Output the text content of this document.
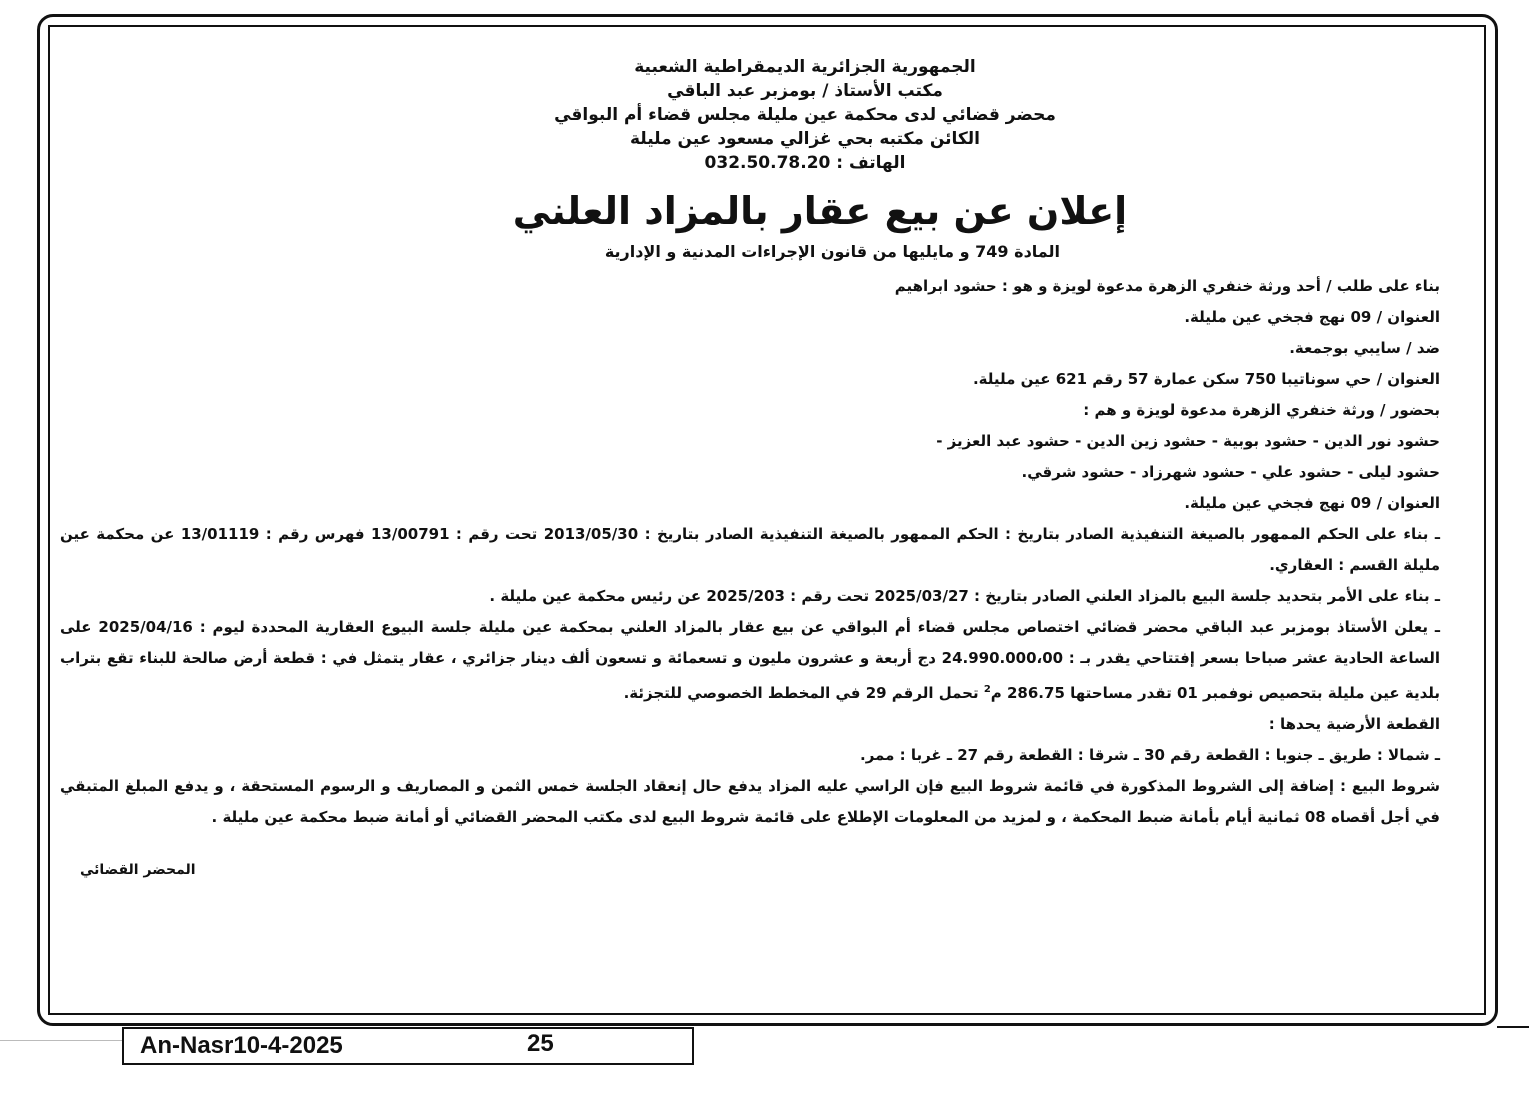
الجمهورية الجزائرية الديمقراطية الشعبية
مكتب الأستاذ / بومزبر عبد الباقي
محضر قضائي لدى محكمة عين مليلة مجلس قضاء أم البواقي
الكائن مكتبه بحي غزالي مسعود عين مليلة
الهاتف : 032.50.78.20
إعلان عن بيع عقار بالمزاد العلني
المادة 749 و مايليها من قانون الإجراءات المدنية و الإدارية

بناء على طلب / أحد ورثة خنفري الزهرة مدعوة لويزة و هو : حشود ابراهيم

العنوان / 09 نهج فجخي عين مليلة.

ضد / سايبي بوجمعة.

العنوان / حي سوناتيبا 750 سكن عمارة 57 رقم 621 عين مليلة.

بحضور / ورثة خنفري الزهرة مدعوة لويزة و هم :

حشود نور الدين - حشود بوبية - حشود زين الدين - حشود عبد العزيز -

حشود ليلى - حشود علي - حشود شهرزاد - حشود شرقي.

العنوان / 09 نهج فجخي عين مليلة.

ـ بناء على الحكم الممهور بالصيغة التنفيذية الصادر بتاريخ : الحكم الممهور بالصيغة التنفيذية الصادر بتاريخ : 2013/05/30 تحت رقم : 13/00791 فهرس رقم : 13/01119 عن محكمة عين مليلة القسم : العقاري.

ـ بناء على الأمر بتحديد جلسة البيع بالمزاد العلني الصادر بتاريخ : 2025/03/27 تحت رقم : 2025/203 عن رئيس محكمة عين مليلة .

ـ يعلن الأستاذ بومزبر عبد الباقي محضر قضائي اختصاص مجلس قضاء أم البواقي عن بيع عقار بالمزاد العلني بمحكمة عين مليلة جلسة البيوع العقارية المحددة ليوم : 2025/04/16 على الساعة الحادية عشر صباحا بسعر إفتتاحي يقدر بـ : 24.990.000،00 دج أربعة و عشرون مليون و تسعمائة و تسعون ألف دينار جزائري ، عقار يتمثل في : قطعة أرض صالحة للبناء تقع بتراب بلدية عين مليلة بتحصيص نوفمبر 01 تقدر مساحتها 286.75 م$^2$ تحمل الرقم 29 في المخطط الخصوصي للتجزئة.

القطعة الأرضية يحدها :

ـ شمالا : طريق ـ جنوبا : القطعة رقم 30 ـ شرقا : القطعة رقم 27 ـ غربا : ممر.

شروط البيع : إضافة إلى الشروط المذكورة في قائمة شروط البيع فإن الراسي عليه المزاد يدفع حال إنعقاد الجلسة خمس الثمن و المصاريف و الرسوم المستحقة ، و يدفع المبلغ المتبقي في أجل أقصاه 08 ثمانية أيام بأمانة ضبط المحكمة ، و لمزيد من المعلومات الإطلاع على قائمة شروط البيع لدى مكتب المحضر القضائي أو أمانة ضبط محكمة عين مليلة .

المحضر القضائي
An-Nasr10-4-2025	25
